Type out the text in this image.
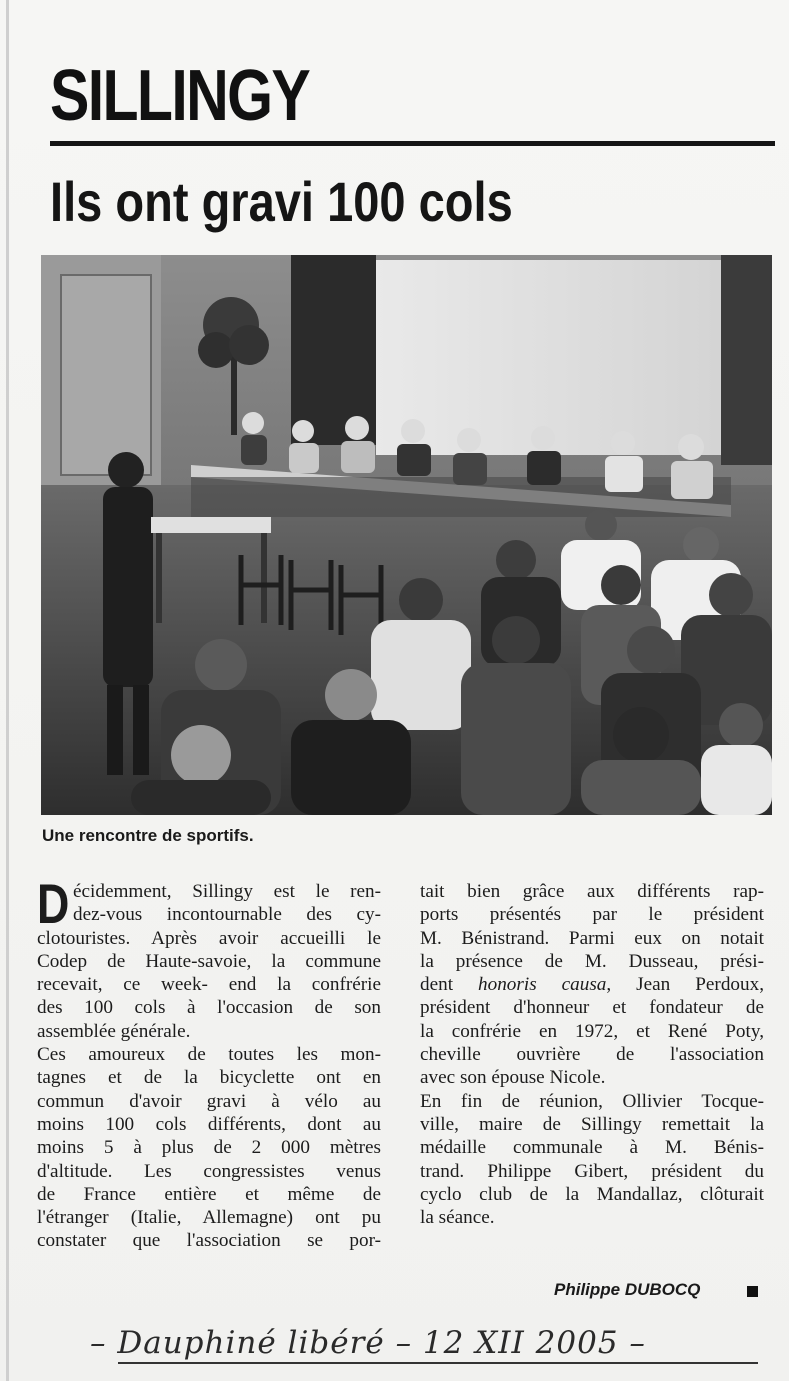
SILLINGY
Ils ont gravi 100 cols
Une rencontre de sportifs.
D écidemment, Sillingy est le ren-
dez-vous incontournable des cy-
clotouristes. Après avoir accueilli le
Codep de Haute-savoie, la commune
recevait, ce week- end la confrérie
des 100 cols à l'occasion de son
assemblée générale.
Ces amoureux de toutes les mon-
tagnes et de la bicyclette ont en
commun d'avoir gravi à vélo au
moins 100 cols différents, dont au
moins 5 à plus de 2 000 mètres
d'altitude. Les congressistes venus
de France entière et même de
l'étranger (Italie, Allemagne) ont pu
constater que l'association se por-
tait bien grâce aux différents rap-
ports présentés par le président
M. Bénistrand. Parmi eux on notait
la présence de M. Dusseau, prési-
dent honoris causa, Jean Perdoux,
président d'honneur et fondateur de
la confrérie en 1972, et René Poty,
cheville ouvrière de l'association
avec son épouse Nicole.
En fin de réunion, Ollivier Tocque-
ville, maire de Sillingy remettait la
médaille communale à M. Bénis-
trand. Philippe Gibert, président du
cyclo club de la Mandallaz, clôturait
la séance.
Philippe DUBOCQ
– Dauphiné libéré – 12 XII 2005 –
